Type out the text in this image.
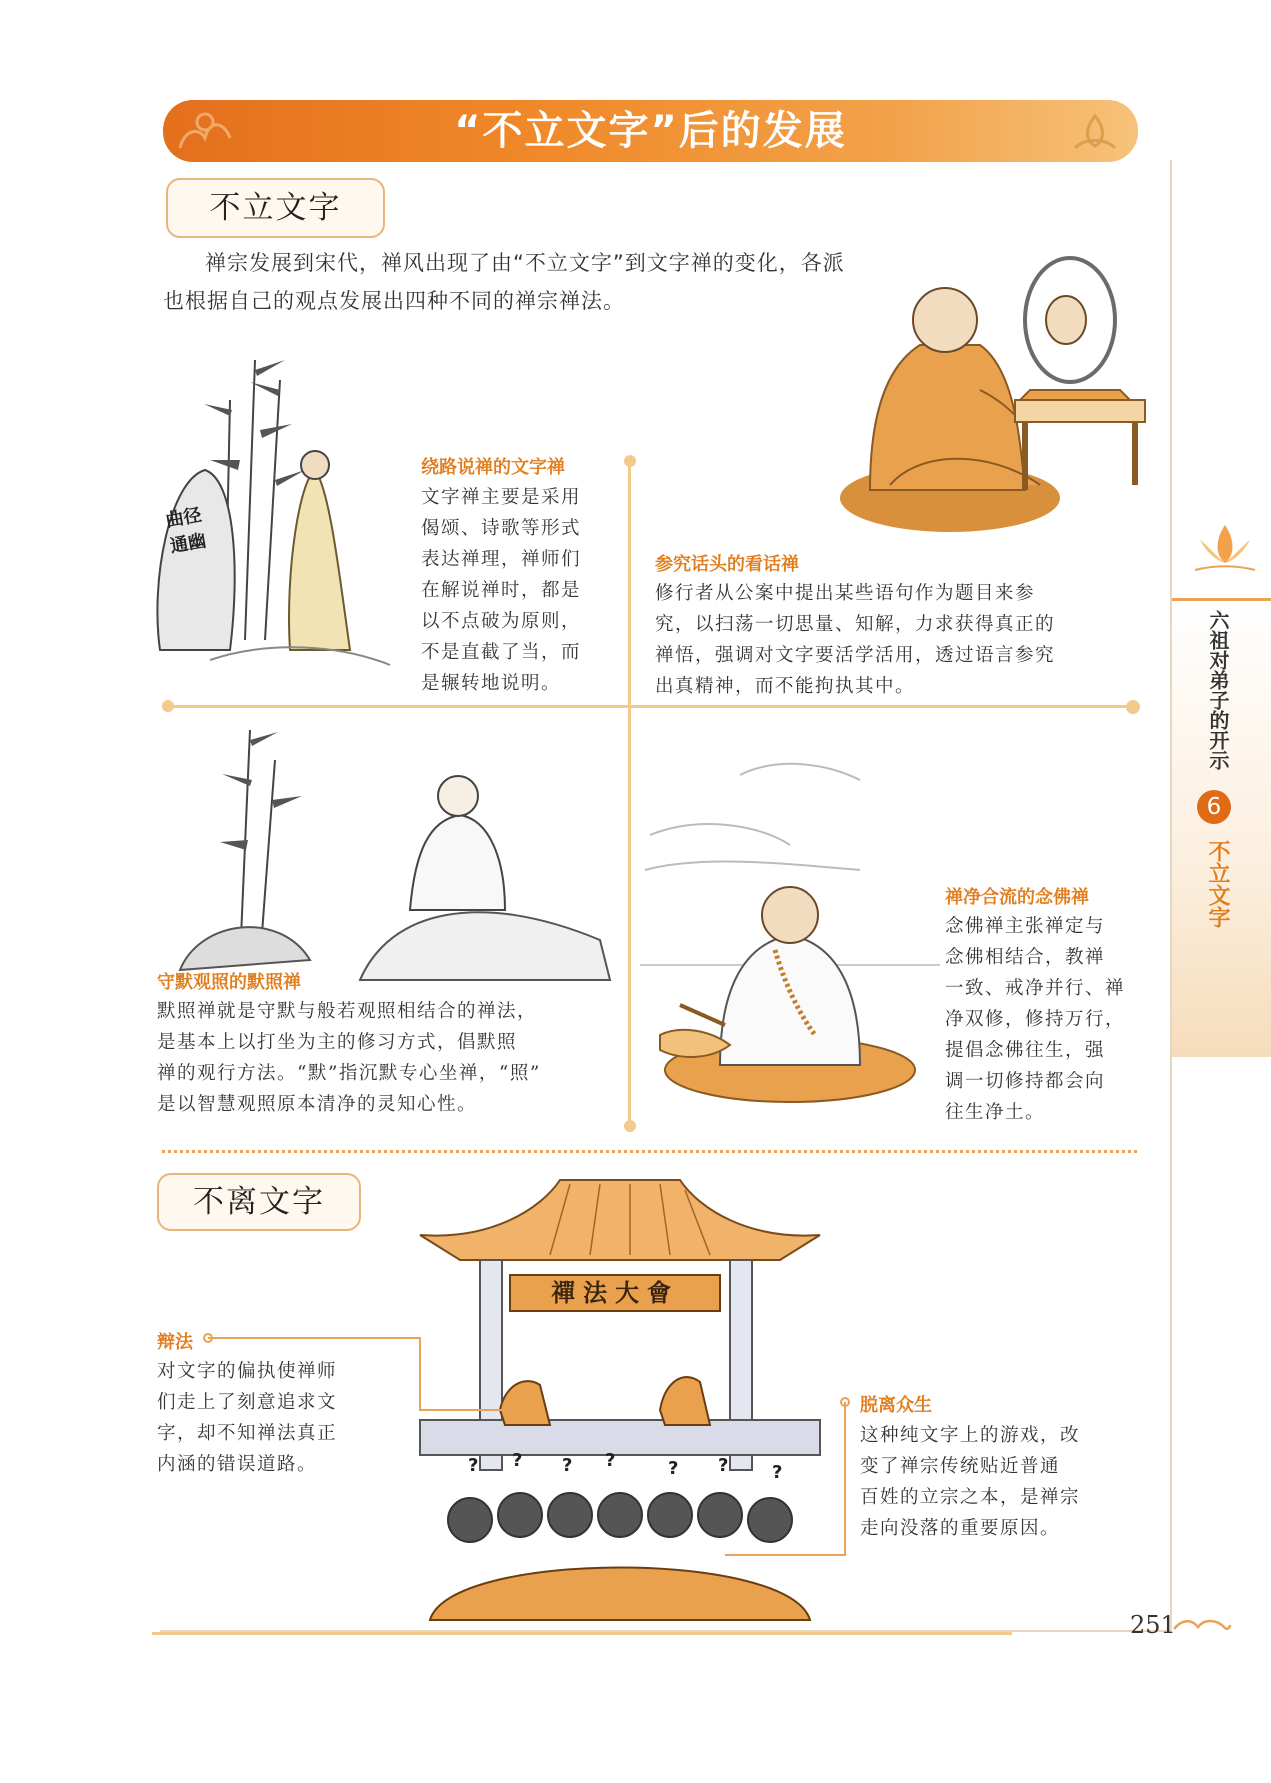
“不立文字”后的发展
不立文字

禅宗发展到宋代，禅风出现了由“不立文字”到文字禅的变化，各派也根据自己的观点发展出四种不同的禅宗禅法。

曲径通幽
绕路说禅的文字禅
文字禅主要是采用
偈颂、诗歌等形式
表达禅理，禅师们
在解说禅时，都是
以不点破为原则，
不是直截了当，而
是辗转地说明。
参究话头的看话禅
修行者从公案中提出某些语句作为题目来参
究，以扫荡一切思量、知解，力求获得真正的
禅悟，强调对文字要活学活用，透过语言参究
出真精神，而不能拘执其中。
守默观照的默照禅
默照禅就是守默与般若观照相结合的禅法，
是基本上以打坐为主的修习方式，倡默照
禅的观行方法。“默”指沉默专心坐禅，“照”
是以智慧观照原本清净的灵知心性。
禅净合流的念佛禅
念佛禅主张禅定与
念佛相结合，教禅
一致、戒净并行、禅
净双修，修持万行，
提倡念佛往生，强
调一切修持都会向
往生净土。
不离文字
禪法大會
? ? ? ?	? ? ?
辩法
对文字的偏执使禅师
们走上了刻意追求文
字，却不知禅法真正
内涵的错误道路。
脱离众生
这种纯文字上的游戏，改
变了禅宗传统贴近普通
百姓的立宗之本，是禅宗
走向没落的重要原因。
六祖对弟子的开示
6
不立文字
251
